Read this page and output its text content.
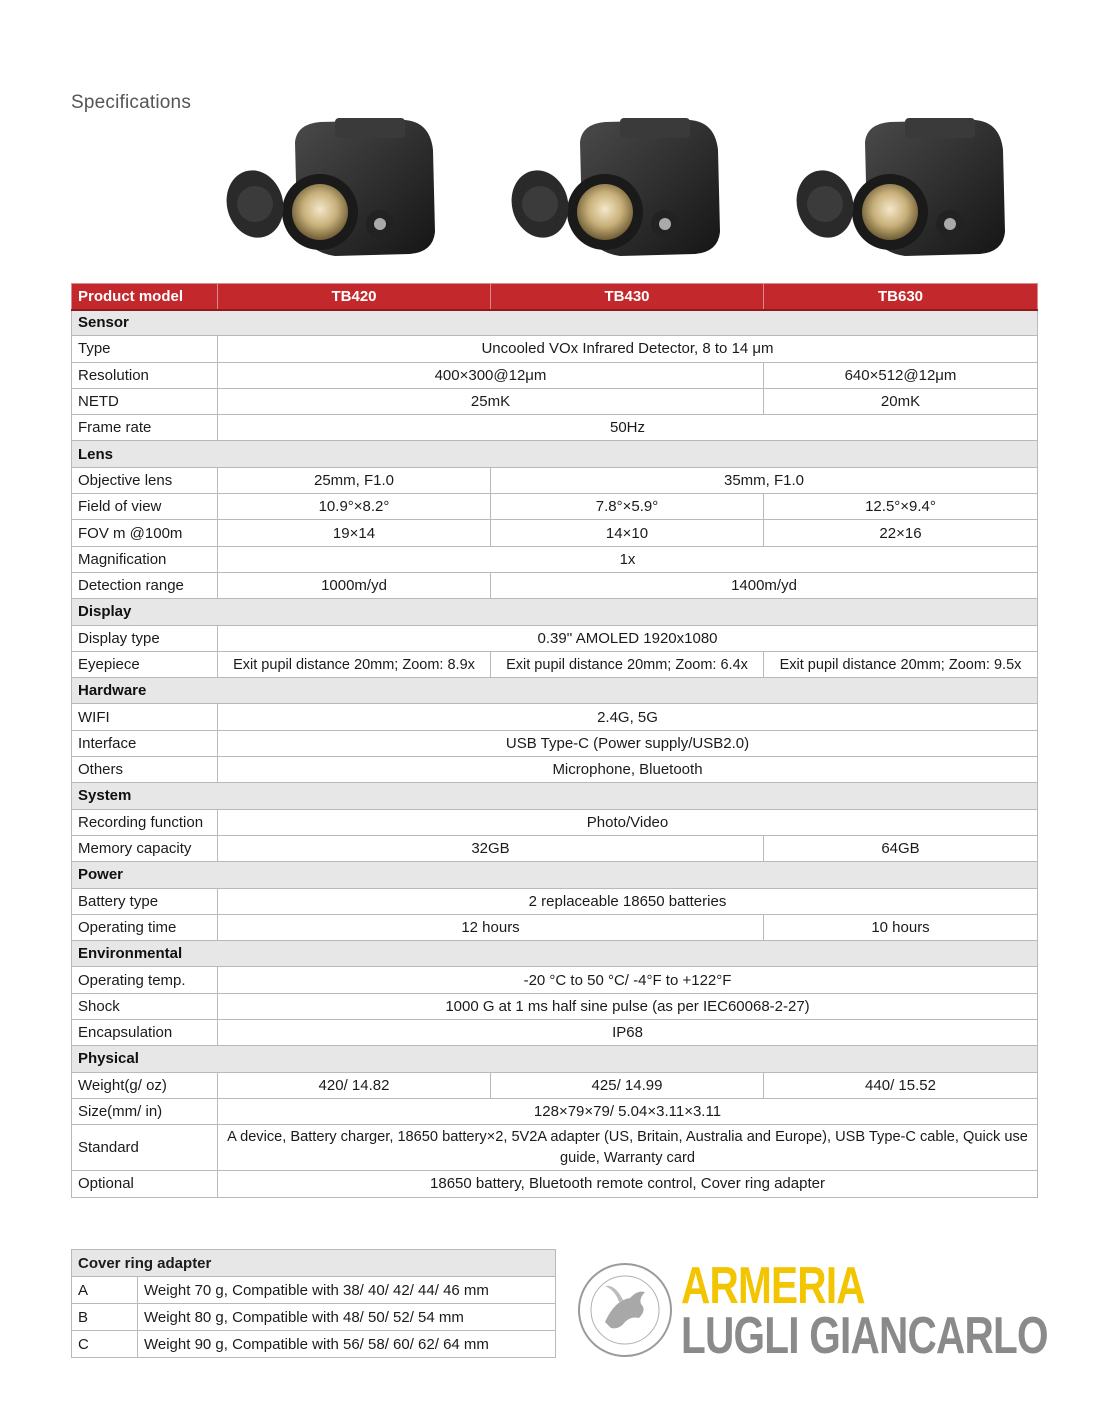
Specifications
Product model	TB420	TB430	TB630
Sensor			
Type	Uncooled VOx Infrared Detector, 8 to 14 μm		
Resolution	400×300@12μm		640×512@12μm
NETD	25mK		20mK
Frame rate	50Hz		
Lens			
Objective lens	25mm, F1.0	35mm, F1.0	
Field of view	10.9°×8.2°	7.8°×5.9°	12.5°×9.4°
FOV m @100m	19×14	14×10	22×16
Magnification	1x		
Detection range	1000m/yd	1400m/yd	
Display			
Display type	0.39'' AMOLED 1920x1080		
Eyepiece	Exit pupil distance 20mm; Zoom: 8.9x	Exit pupil distance 20mm; Zoom: 6.4x	Exit pupil distance 20mm; Zoom: 9.5x
Hardware			
WIFI	2.4G, 5G		
Interface	USB Type-C (Power supply/USB2.0)		
Others	Microphone, Bluetooth		
System			
Recording function	Photo/Video		
Memory capacity	32GB		64GB
Power			
Battery type	2 replaceable 18650 batteries		
Operating time	12 hours		10 hours
Environmental			
Operating temp.	-20 °C to 50 °C/ -4°F to +122°F		
Shock	1000 G at 1 ms half sine pulse (as per IEC60068-2-27)		
Encapsulation	IP68		
Physical			
Weight(g/ oz)	420/ 14.82	425/ 14.99	440/ 15.52
Size(mm/ in)	128×79×79/ 5.04×3.11×3.11		
Standard	A device, Battery charger, 18650 battery×2, 5V2A adapter (US, Britain, Australia and Europe), USB Type-C cable, Quick use guide, Warranty card		
Optional	18650 battery, Bluetooth remote control, Cover ring adapter		
Cover ring adapter	
A	Weight 70 g, Compatible with 38/ 40/ 42/ 44/ 46 mm
B	Weight 80 g, Compatible with 48/ 50/ 52/ 54 mm
C	Weight 90 g, Compatible with 56/ 58/ 60/ 62/ 64 mm
ARMERIA
LUGLI GIANCARLO
